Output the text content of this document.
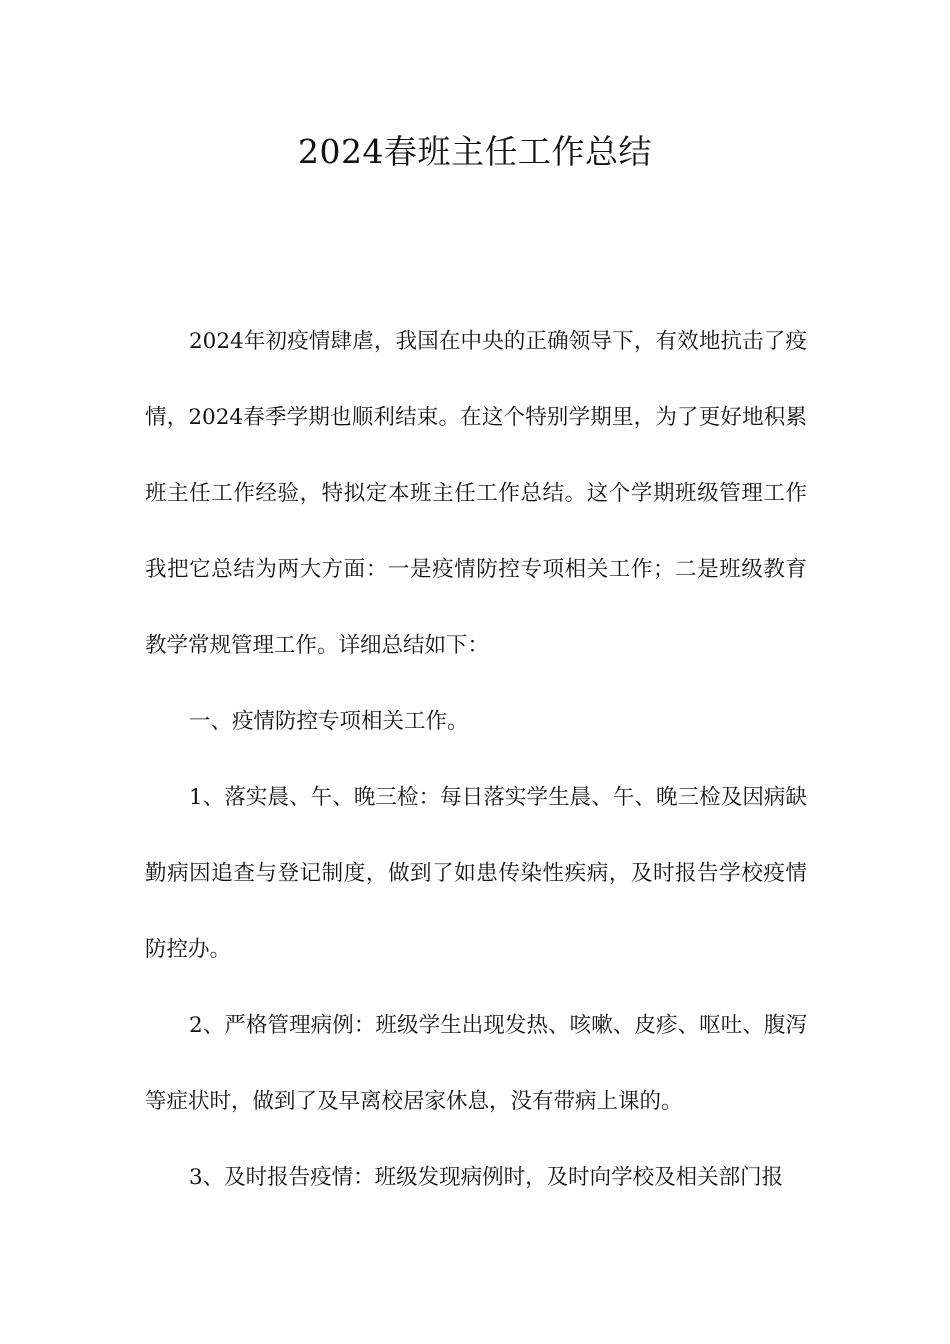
2024春班主任工作总结

2024年初疫情肆虐，我国在中央的正确领导下，有效地抗击了疫情，2024春季学期也顺利结束。在这个特别学期里，为了更好地积累班主任工作经验，特拟定本班主任工作总结。这个学期班级管理工作我把它总结为两大方面：一是疫情防控专项相关工作；二是班级教育教学常规管理工作。详细总结如下：

一、疫情防控专项相关工作。

1、落实晨、午、晚三检：每日落实学生晨、午、晚三检及因病缺勤病因追查与登记制度，做到了如患传染性疾病，及时报告学校疫情防控办。

2、严格管理病例：班级学生出现发热、咳嗽、皮疹、呕吐、腹泻等症状时，做到了及早离校居家休息，没有带病上课的。

3、及时报告疫情：班级发现病例时，及时向学校及相关部门报
